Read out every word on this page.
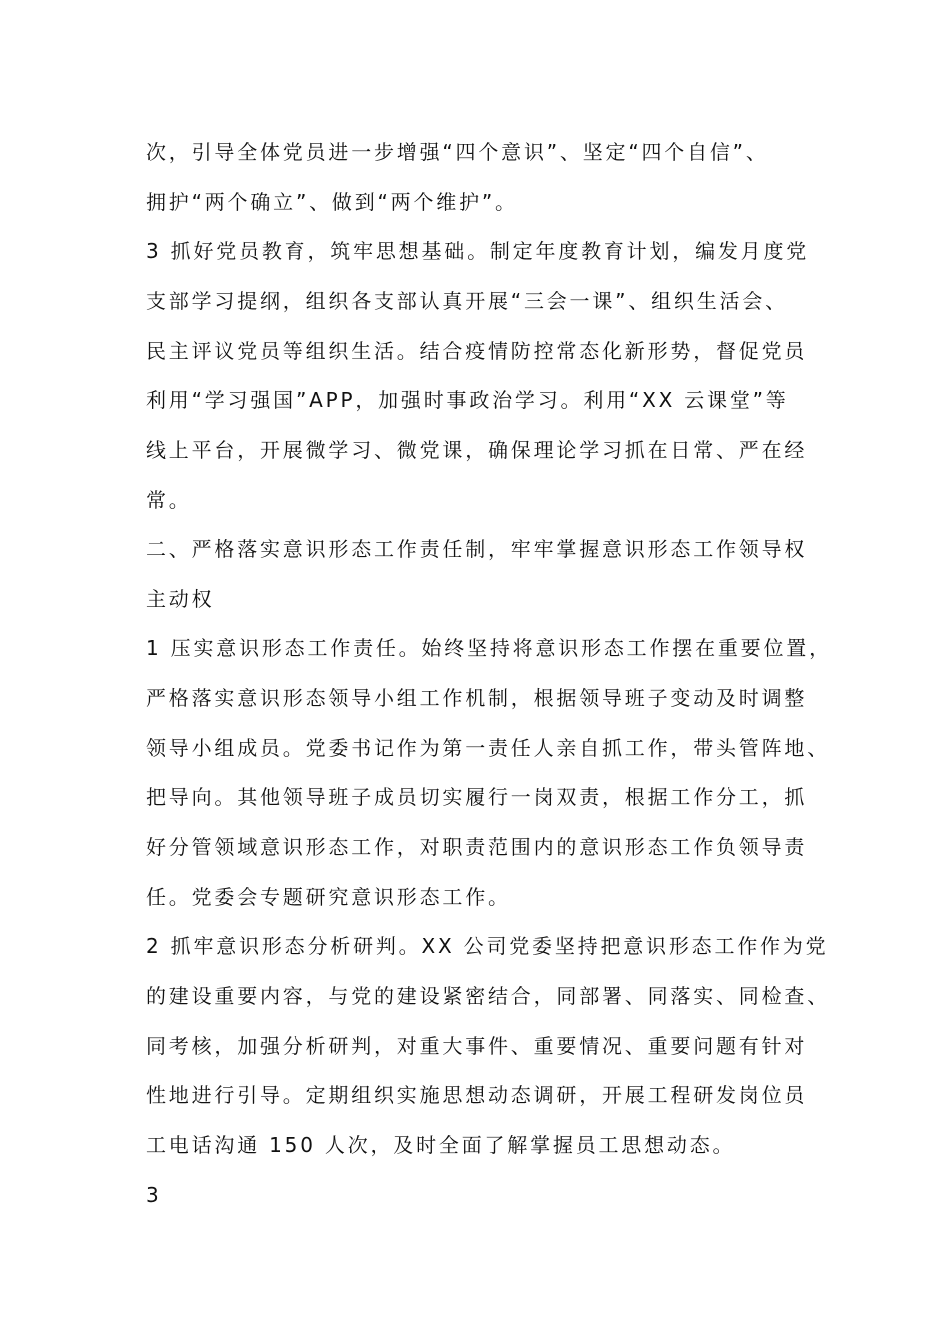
次，引导全体党员进一步增强“四个意识”、坚定“四个自信”、
拥护“两个确立”、做到“两个维护”。
3 抓好党员教育，筑牢思想基础。制定年度教育计划，编发月度党
支部学习提纲，组织各支部认真开展“三会一课”、组织生活会、
民主评议党员等组织生活。结合疫情防控常态化新形势，督促党员
利用“学习强国”APP，加强时事政治学习。利用“XX 云课堂”等
线上平台，开展微学习、微党课，确保理论学习抓在日常、严在经
常。
二、严格落实意识形态工作责任制，牢牢掌握意识形态工作领导权
主动权
1 压实意识形态工作责任。始终坚持将意识形态工作摆在重要位置，
严格落实意识形态领导小组工作机制，根据领导班子变动及时调整
领导小组成员。党委书记作为第一责任人亲自抓工作，带头管阵地、
把导向。其他领导班子成员切实履行一岗双责，根据工作分工，抓
好分管领域意识形态工作，对职责范围内的意识形态工作负领导责
任。党委会专题研究意识形态工作。
2 抓牢意识形态分析研判。XX 公司党委坚持把意识形态工作作为党
的建设重要内容，与党的建设紧密结合，同部署、同落实、同检查、
同考核，加强分析研判，对重大事件、重要情况、重要问题有针对
性地进行引导。定期组织实施思想动态调研，开展工程研发岗位员
工电话沟通 150 人次，及时全面了解掌握员工思想动态。
3
